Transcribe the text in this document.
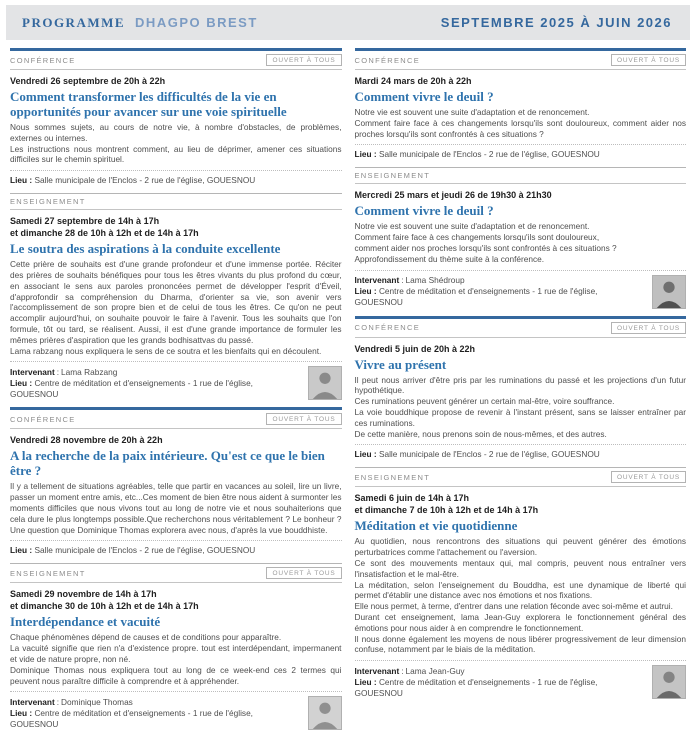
PROGRAMME DHAGPO BREST	SEPTEMBRE 2025 À JUIN 2026
CONFÉRENCE	OUVERT À TOUS
Vendredi 26 septembre de 20h à 22h
Comment transformer les difficultés de la vie en opportunités pour avancer sur une voie spirituelle
Nous sommes sujets, au cours de notre vie, à nombre d'obstacles, de problèmes, externes ou internes.
Les instructions nous montrent comment, au lieu de déprimer, amener ces situations difficiles sur le chemin spirituel.
Lieu : Salle municipale de l'Enclos - 2 rue de l'église, GOUESNOU
ENSEIGNEMENT
Samedi 27 septembre de 14h à 17h
et dimanche 28 de 10h à 12h et de 14h à 17h
Le soutra des aspirations à la conduite excellente
Cette prière de souhaits est d'une grande profondeur et d'une immense portée. Réciter des prières de souhaits bénéfiques pour tous les êtres vivants du plus profond du cœur, en associant le sens aux paroles prononcées permet de développer l'esprit d'Éveil, d'approfondir sa compréhension du Dharma, d'orienter sa vie, son avenir vers l'accomplissement de son propre bien et de celui de tous les êtres. Ce qu'on ne peut accomplir aujourd'hui, on souhaite pouvoir le faire à l'avenir. Tous les souhaits que l'on formule, tôt ou tard, se réalisent. Aussi, il est d'une grande importance de formuler les mêmes prières d'aspiration que les grands bodhisattvas du passé.
Lama rabzang nous expliquera le sens de ce soutra et les bienfaits qui en découlent.
Intervenant : Lama Rabzang
Lieu : Centre de méditation et d'enseignements - 1 rue de l'église, GOUESNOU
CONFÉRENCE	OUVERT À TOUS
Vendredi 28 novembre de 20h à 22h
A la recherche de la paix intérieure. Qu'est ce que le bien être ?
Il y a tellement de situations agréables, telle que partir en vacances au soleil, lire un livre, passer un moment entre amis, etc...Ces moment de bien être nous aident à surmonter les moments difficiles que nous vivons tout au long de notre vie et nous souhaiterions que cela dure le plus longtemps possible.Que recherchons nous véritablement ? Le bonheur ? Une question que Dominique Thomas explorera avec nous, d'après la vue bouddhiste.
Lieu : Salle municipale de l'Enclos - 2 rue de l'église, GOUESNOU
ENSEIGNEMENT	OUVERT À TOUS
Samedi 29 novembre de 14h à 17h
et dimanche 30 de 10h à 12h et de 14h à 17h
Interdépendance et vacuité
Chaque phénomènes dépend de causes et de conditions pour apparaître.
La vacuité signifie que rien n'a d'existence propre. tout est interdépendant, impermanent et vide de nature propre, non né.
Dominique Thomas nous expliquera tout au long de ce week-end ces 2 termes qui peuvent nous paraître difficile à comprendre et à appréhender.
Intervenant : Dominique Thomas
Lieu : Centre de méditation et d'enseignements - 1 rue de l'église, GOUESNOU
CONFÉRENCE	OUVERT À TOUS
Mardi 24 mars de 20h à 22h
Comment vivre le deuil ?
Notre vie est souvent une suite d'adaptation et de renoncement.
Comment faire face à ces changements lorsqu'ils sont douloureux, comment aider nos proches lorsqu'ils sont confrontés à ces situations ?
Lieu : Salle municipale de l'Enclos - 2 rue de l'église, GOUESNOU
ENSEIGNEMENT
Mercredi 25 mars et jeudi 26 de 19h30 à 21h30
Comment vivre le deuil ?
Notre vie est souvent une suite d'adaptation et de renoncement.
Comment faire face à ces changements lorsqu'ils sont douloureux,
comment aider nos proches lorsqu'ils sont confrontés à ces situations ?
Approfondissement du thème suite à la conférence.
Intervenant : Lama Shédroup
Lieu : Centre de méditation et d'enseignements - 1 rue de l'église, GOUESNOU
CONFÉRENCE	OUVERT À TOUS
Vendredi 5 juin de 20h à 22h
Vivre au présent
Il peut nous arriver d'être pris par les ruminations du passé et les projections d'un futur hypothétique.
Ces ruminations peuvent générer un certain mal-être, voire souffrance.
La voie bouddhique propose de revenir à l'instant présent, sans se laisser entraîner par ces ruminations.
De cette manière, nous prenons soin de nous-mêmes, et des autres.
Lieu : Salle municipale de l'Enclos - 2 rue de l'église, GOUESNOU
ENSEIGNEMENT	OUVERT À TOUS
Samedi 6 juin de 14h à 17h
et dimanche 7 de 10h à 12h et de 14h à 17h
Méditation et vie quotidienne
Au quotidien, nous rencontrons des situations qui peuvent générer des émotions perturbatrices comme l'attachement ou l'aversion.
Ce sont des mouvements mentaux qui, mal compris, peuvent nous entraîner vers l'insatisfaction et le mal-être.
La méditation, selon l'enseignement du Bouddha, est une dynamique de liberté qui permet d'établir une distance avec nos émotions et nos fixations.
Elle nous permet, à terme, d'entrer dans une relation féconde avec soi-même et autrui.
Durant cet enseignement, lama Jean-Guy explorera le fonctionnement général des émotions pour nous aider à en comprendre le fonctionnement.
Il nous donne également les moyens de nous libérer progressivement de leur dimension confuse, notamment par le biais de la méditation.
Intervenant : Lama Jean-Guy
Lieu : Centre de méditation et d'enseignements - 1 rue de l'église, GOUESNOU
